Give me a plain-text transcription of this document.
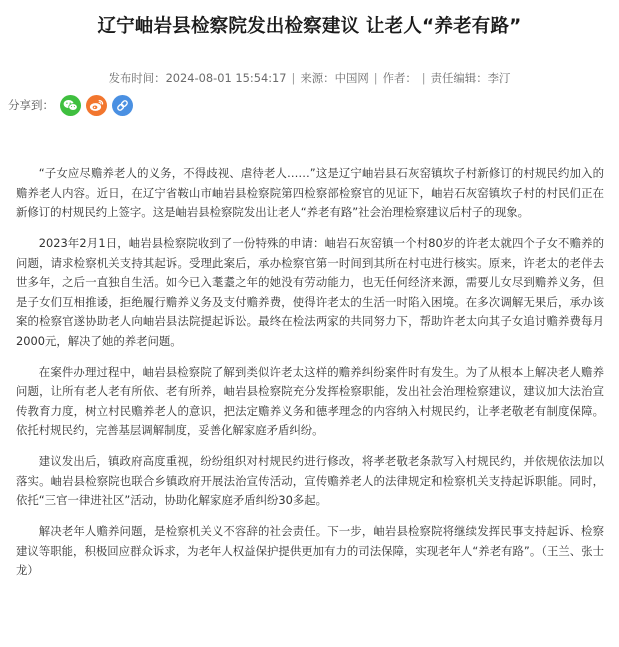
辽宁岫岩县检察院发出检察建议 让老人“养老有路”
发布时间：2024-08-01 15:54:17 | 来源：中国网 | 作者： | 责任编辑：李汀
分享到：

“子女应尽赡养老人的义务，不得歧视、虐待老人……”这是辽宁岫岩县石灰窑镇坎子村新修订的村规民约加入的赡养老人内容。近日，在辽宁省鞍山市岫岩县检察院第四检察部检察官的见证下，岫岩石灰窑镇坎子村的村民们正在新修订的村规民约上签字。这是岫岩县检察院发出让老人“养老有路”社会治理检察建议后村子的现象。

2023年2月1日，岫岩县检察院收到了一份特殊的申请：岫岩石灰窑镇一个村80岁的许老太就四个子女不赡养的问题，请求检察机关支持其起诉。受理此案后，承办检察官第一时间到其所在村屯进行核实。原来，许老太的老伴去世多年，之后一直独自生活。如今已入耄耋之年的她没有劳动能力，也无任何经济来源，需要儿女尽到赡养义务，但是子女们互相推诿，拒绝履行赡养义务及支付赡养费，使得许老太的生活一时陷入困境。在多次调解无果后，承办该案的检察官遂协助老人向岫岩县法院提起诉讼。最终在检法两家的共同努力下，帮助许老太向其子女追讨赡养费每月2000元，解决了她的养老问题。

在案件办理过程中，岫岩县检察院了解到类似许老太这样的赡养纠纷案件时有发生。为了从根本上解决老人赡养问题，让所有老人老有所依、老有所养，岫岩县检察院充分发挥检察职能，发出社会治理检察建议，建议加大法治宣传教育力度，树立村民赡养老人的意识，把法定赡养义务和德孝理念的内容纳入村规民约，让孝老敬老有制度保障。依托村规民约，完善基层调解制度，妥善化解家庭矛盾纠纷。

建议发出后，镇政府高度重视，纷纷组织对村规民约进行修改，将孝老敬老条款写入村规民约，并依规依法加以落实。岫岩县检察院也联合乡镇政府开展法治宣传活动，宣传赡养老人的法律规定和检察机关支持起诉职能。同时，依托“三官一律进社区”活动，协助化解家庭矛盾纠纷30多起。

解决老年人赡养问题，是检察机关义不容辞的社会责任。下一步，岫岩县检察院将继续发挥民事支持起诉、检察建议等职能，积极回应群众诉求，为老年人权益保护提供更加有力的司法保障，实现老年人“养老有路”。（王兰、张士龙）
